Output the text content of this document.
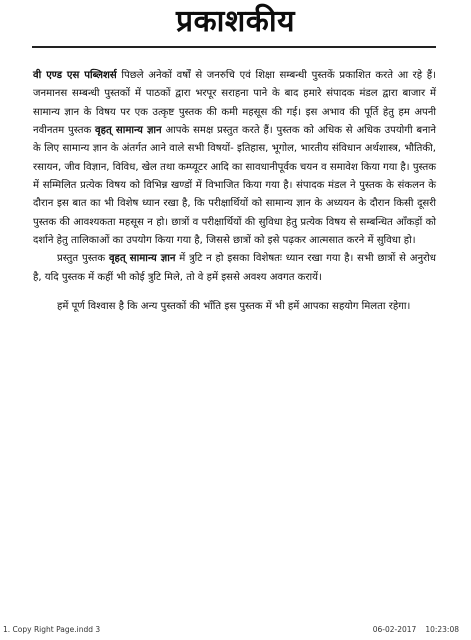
प्रकाशकीय

वी एण्ड एस पब्लिशर्स पिछले अनेकों वर्षों से जनरुचि एवं शिक्षा सम्बन्धी पुस्तकें प्रकाशित करते आ रहे हैं। जनमानस सम्बन्धी पुस्तकों में पाठकों द्वारा भरपूर सराहना पाने के बाद हमारे संपादक मंडल द्वारा बाजार में सामान्य ज्ञान के विषय पर एक उत्कृष्ट पुस्तक की कमी महसूस की गई। इस अभाव की पूर्ति हेतु हम अपनी नवीनतम पुस्तक वृहत् सामान्य ज्ञान आपके समक्ष प्रस्तुत करते हैं। पुस्तक को अधिक से अधिक उपयोगी बनाने के लिए सामान्य ज्ञान के अंतर्गत आने वाले सभी विषयों- इतिहास, भूगोल, भारतीय संविधान अर्थशास्त्र, भौतिकी, रसायन, जीव विज्ञान, विविध, खेल तथा कम्प्यूटर आदि का सावधानीपूर्वक चयन व समावेश किया गया है। पुस्तक में सम्मिलित प्रत्येक विषय को विभिन्न खण्डों में विभाजित किया गया है। संपादक मंडल ने पुस्तक के संकलन के दौरान इस बात का भी विशेष ध्यान रखा है, कि परीक्षार्थियों को सामान्य ज्ञान के अध्ययन के दौरान किसी दूसरी पुस्तक की आवश्यकता महसूस न हो। छात्रों व परीक्षार्थियों की सुविधा हेतु प्रत्येक विषय से सम्बन्धित आँकड़ों को दर्शाने हेतु तालिकाओं का उपयोग किया गया है, जिससे छात्रों को इसे पढ़कर आत्मसात करने में सुविधा हो।

प्रस्तुत पुस्तक वृहत् सामान्य ज्ञान में त्रुटि न हो इसका विशेषतः ध्यान रखा गया है। सभी छात्रों से अनुरोध है, यदि पुस्तक में कहीं भी कोई त्रुटि मिले, तो वे हमें इससे अवश्य अवगत करायें।

हमें पूर्ण विश्वास है कि अन्य पुस्तकों की भाँति इस पुस्तक में भी हमें आपका सहयोग मिलता रहेगा।

1. Copy Right Page.indd 3	06-02-2017 10:23:08
